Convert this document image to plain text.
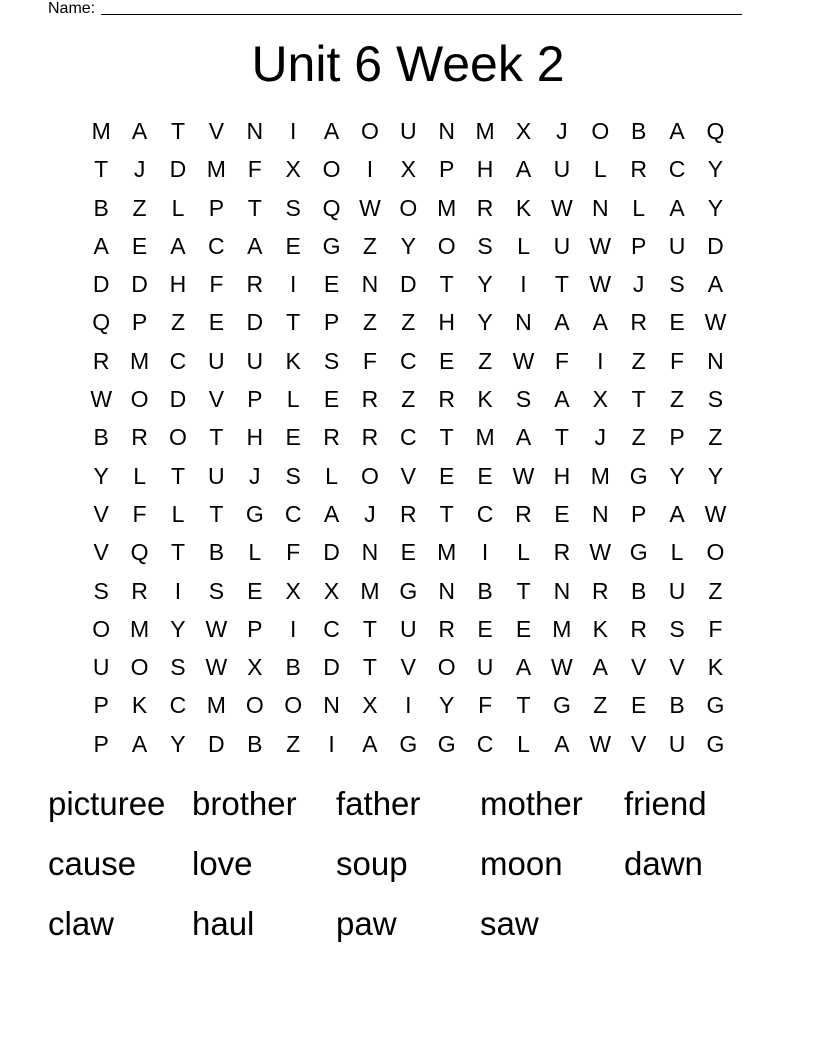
Name:
Unit 6 Week 2
M A	T	V N	I	A O U N M X	J	O B	A Q
T	J	D M F	X O	I	X	P H A U	L	R C Y
B	Z	L	P	T	S Q W O M R K W N	L	A	Y
A	E	A C A	E G Z	Y O S	L	U W P U D
D D H	F	R	I	E N D	T	Y	I	T W J	S	A
Q P	Z	E D	T	P	Z	Z	H Y N A	A R E W
R M C U U K	S	F	C E	Z W F	I	Z	F	N
W O D V	P	L	E R	Z	R K	S	A	X	T	Z	S
B R O T	H E R R C	T M A	T	J	Z	P	Z
Y	L	T	U	J	S	L	O V	E	E W H M G Y	Y
V	F	L	T G C A	J	R	T	C R E N P	A W
V Q T	B	L	F	D N E M	I	L	R W G	L	O
S R	I	S	E	X	X M G N B	T	N R B U	Z
O M Y W P	I	C	T	U R E	E M K R S	F
U O S W X	B D	T	V O U A W A	V	V	K
P	K C M O O N X	I	Y	F	T G Z	E	B G
P	A	Y D B	Z	I	A G G C	L	A W V U G
picturee brother	father	mother	friend
cause	love	soup	moon	dawn
claw	haul	paw	saw
